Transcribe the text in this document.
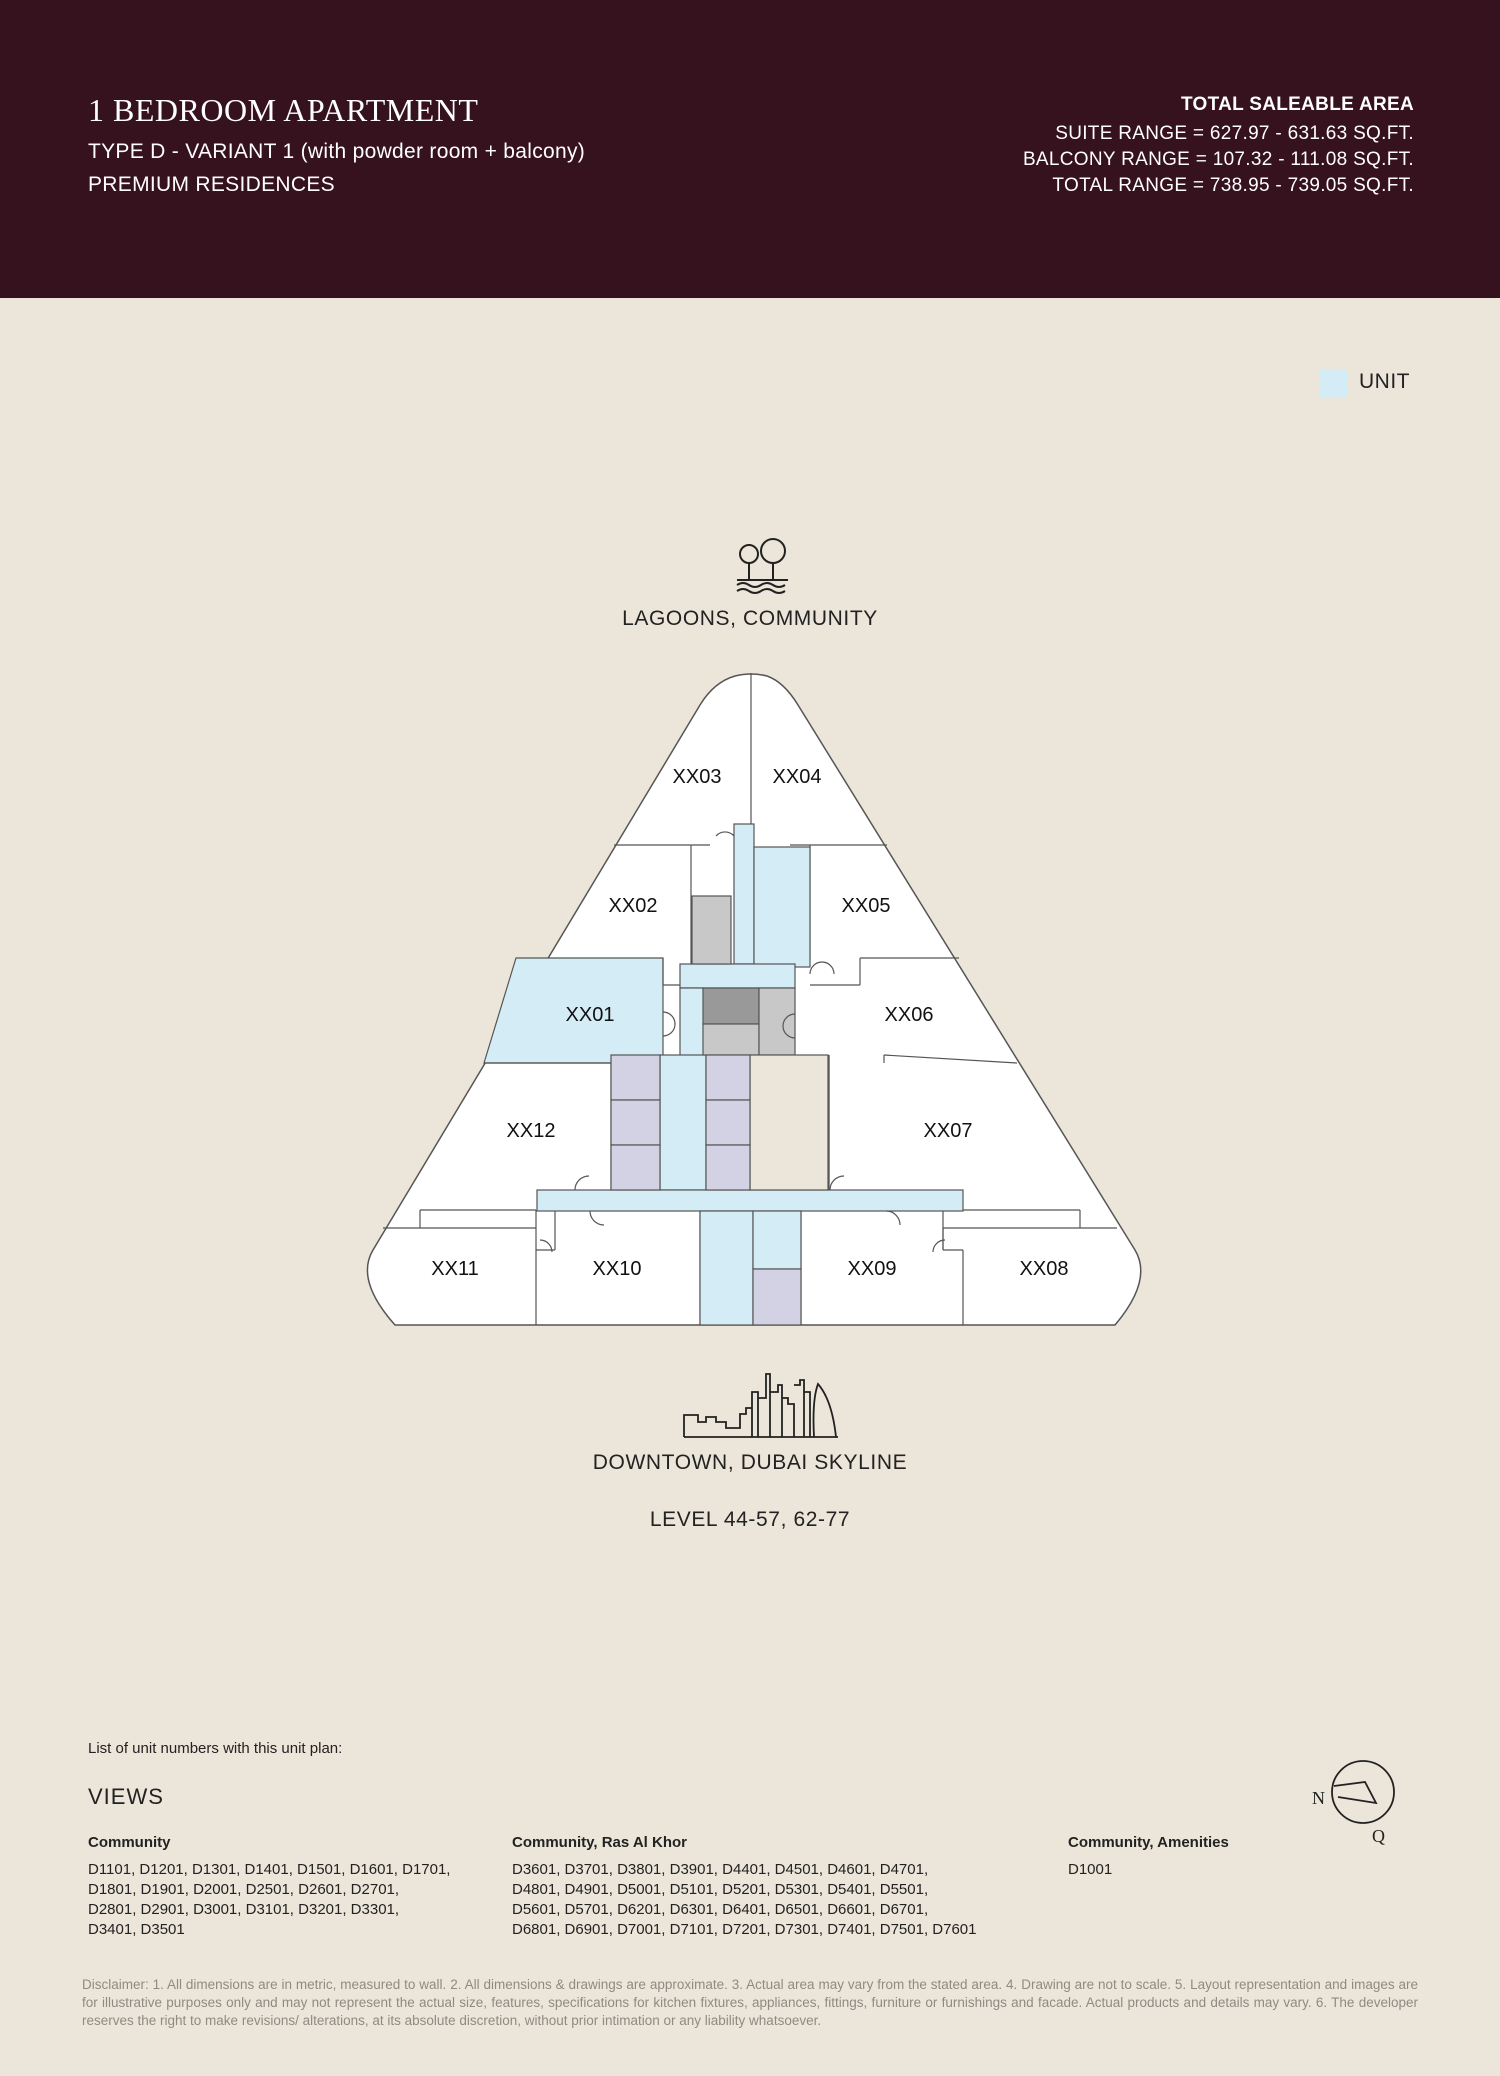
1 BEDROOM APARTMENT
TYPE D - VARIANT 1 (with powder room + balcony)
PREMIUM RESIDENCES
TOTAL SALEABLE AREA
SUITE RANGE = 627.97 - 631.63 SQ.FT.
BALCONY RANGE = 107.32 - 111.08 SQ.FT.
TOTAL RANGE = 738.95 - 739.05 SQ.FT.
UNIT
LAGOONS, COMMUNITY
DOWNTOWN, DUBAI SKYLINE
LEVEL 44-57, 62-77
XX03	XX04
XX02	XX05
XX01	XX06
XX12	XX07
XX11	XX10	XX09	XX08
N
Q
List of unit numbers with this unit plan:
VIEWS
Community
D1101, D1201, D1301, D1401, D1501, D1601, D1701,
D1801, D1901, D2001, D2501, D2601, D2701,
D2801, D2901, D3001, D3101, D3201, D3301,
D3401, D3501
Community, Ras Al Khor
D3601, D3701, D3801, D3901, D4401, D4501, D4601, D4701,
D4801, D4901, D5001, D5101, D5201, D5301, D5401, D5501,
D5601, D5701, D6201, D6301, D6401, D6501, D6601, D6701,
D6801, D6901, D7001, D7101, D7201, D7301, D7401, D7501, D7601
Community, Amenities
D1001
Disclaimer: 1. All dimensions are in metric, measured to wall. 2. All dimensions & drawings are approximate. 3. Actual area may vary from the stated area. 4. Drawing are not to scale. 5. Layout representation and images are for illustrative purposes only and may not represent the actual size, features, specifications for kitchen fixtures, appliances, fittings, furniture or furnishings and facade. Actual products and details may vary. 6. The developer reserves the right to make revisions/ alterations, at its absolute discretion, without prior intimation or any liability whatsoever.
